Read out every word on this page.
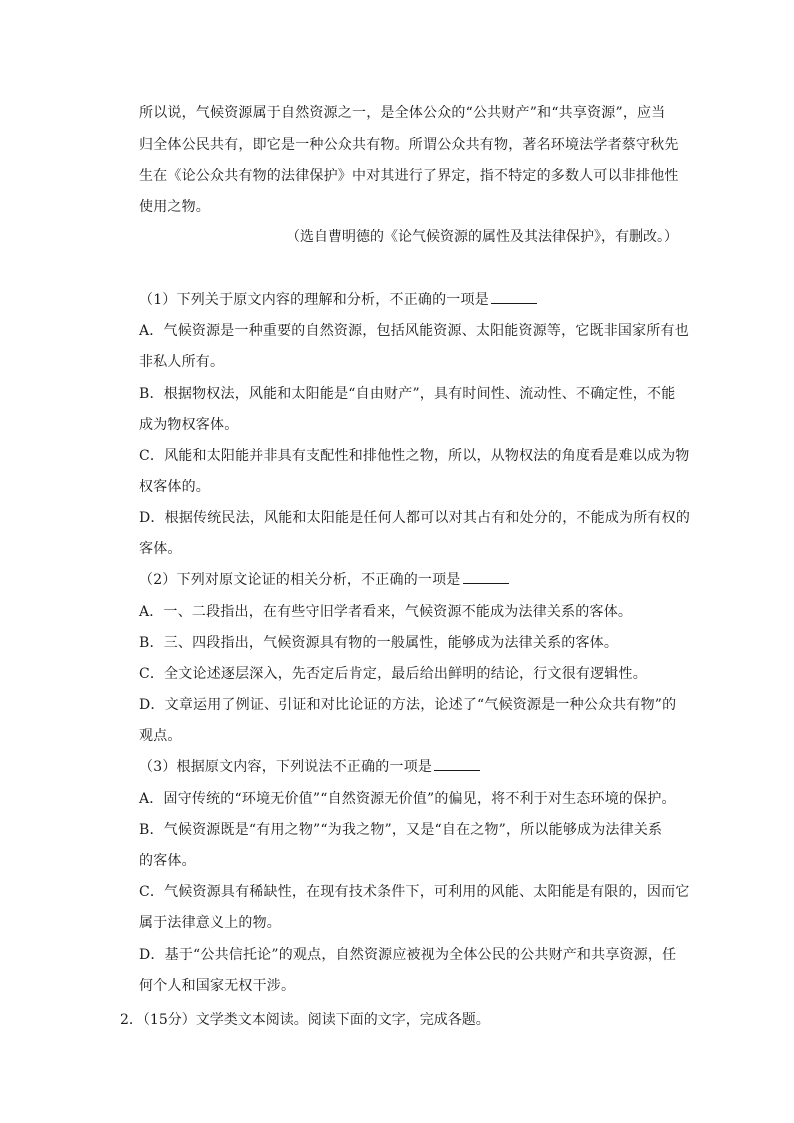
所以说，气候资源属于自然资源之一，是全体公众的“公共财产”和“共享资源”，应当
归全体公民共有，即它是一种公众共有物。所谓公众共有物，著名环境法学者蔡守秋先
生在《论公众共有物的法律保护》中对其进行了界定，指不特定的多数人可以非排他性
使用之物。
（选自曹明德的《论气候资源的属性及其法律保护》，有删改。）
（1）下列关于原文内容的理解和分析，不正确的一项是
A．气候资源是一种重要的自然资源，包括风能资源、太阳能资源等，它既非国家所有也
非私人所有。
B．根据物权法，风能和太阳能是“自由财产”，具有时间性、流动性、不确定性，不能
成为物权客体。
C．风能和太阳能并非具有支配性和排他性之物，所以，从物权法的角度看是难以成为物
权客体的。
D．根据传统民法，风能和太阳能是任何人都可以对其占有和处分的，不能成为所有权的
客体。
（2）下列对原文论证的相关分析，不正确的一项是
A．一、二段指出，在有些守旧学者看来，气候资源不能成为法律关系的客体。
B．三、四段指出，气候资源具有物的一般属性，能够成为法律关系的客体。
C．全文论述逐层深入，先否定后肯定，最后给出鲜明的结论，行文很有逻辑性。
D．文章运用了例证、引证和对比论证的方法，论述了“气候资源是一种公众共有物”的
观点。
（3）根据原文内容，下列说法不正确的一项是
A．固守传统的“环境无价值”“自然资源无价值”的偏见，将不利于对生态环境的保护。
B．气候资源既是“有用之物”“为我之物”，又是“自在之物”，所以能够成为法律关系
的客体。
C．气候资源具有稀缺性，在现有技术条件下，可利用的风能、太阳能是有限的，因而它
属于法律意义上的物。
D．基于“公共信托论”的观点，自然资源应被视为全体公民的公共财产和共享资源，任
何个人和国家无权干涉。
2．（15分）文学类文本阅读。阅读下面的文字，完成各题。
